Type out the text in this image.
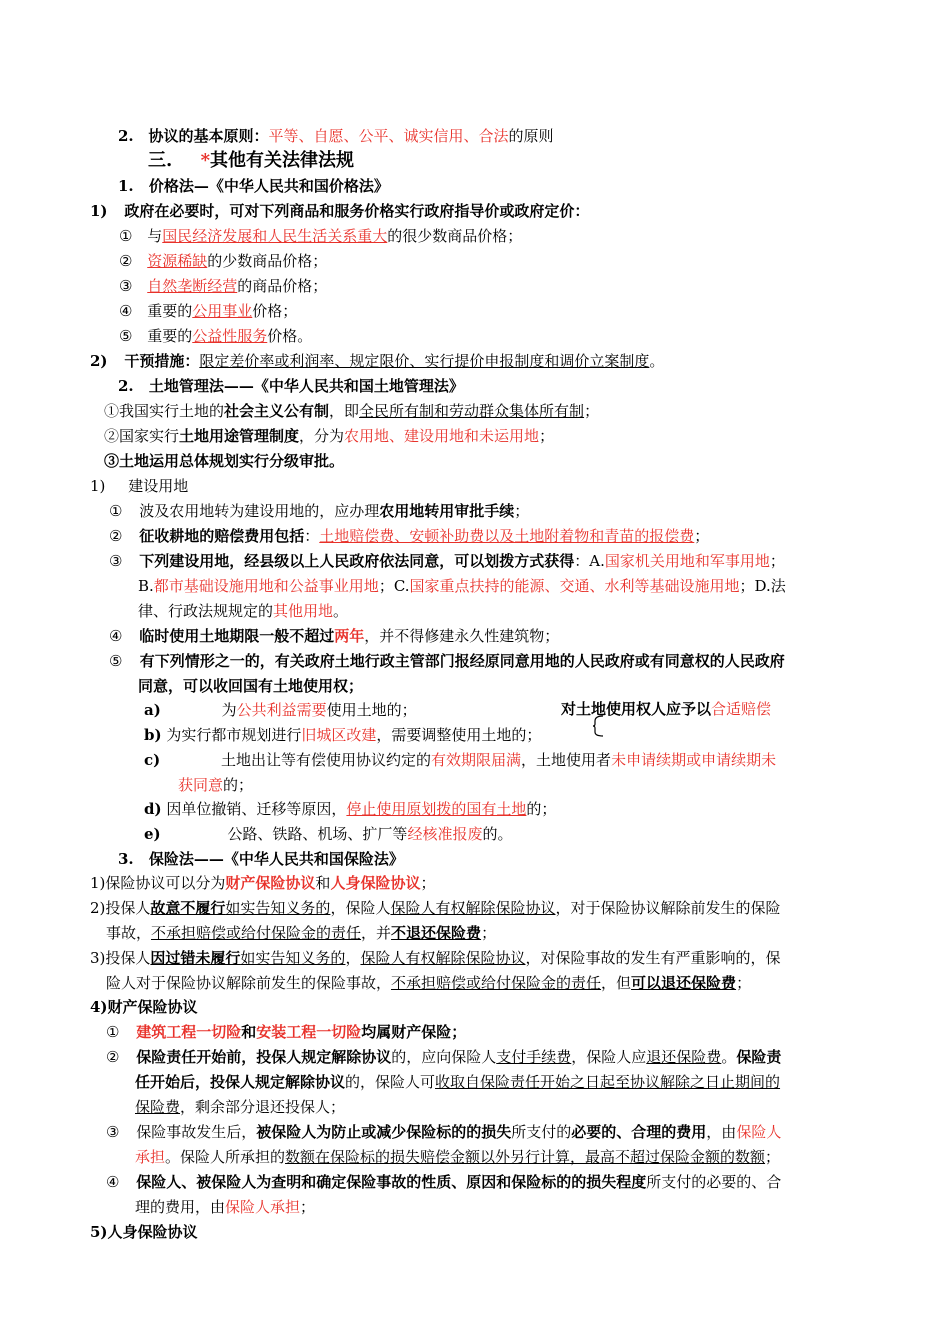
2. 协议的基本原则：平等、自愿、公平、诚实信用、合法的原则
三. *其他有关法律法规
1. 价格法—《中华人民共和国价格法》
1) 政府在必要时，可对下列商品和服务价格实行政府指导价或政府定价：
① 与国民经济发展和人民生活关系重大的很少数商品价格；
② 资源稀缺的少数商品价格；
③ 自然垄断经营的商品价格；
④ 重要的公用事业价格；
⑤ 重要的公益性服务价格。
2) 干预措施：限定差价率或利润率、规定限价、实行提价申报制度和调价立案制度。
2. 土地管理法——《中华人民共和国土地管理法》
①我国实行土地的社会主义公有制，即全民所有制和劳动群众集体所有制；
②国家实行土地用途管理制度，分为农用地、建设用地和未运用地；
③土地运用总体规划实行分级审批。
1) 建设用地
① 波及农用地转为建设用地的，应办理农用地转用审批手续；
② 征收耕地的赔偿费用包括：土地赔偿费、安顿补助费以及土地附着物和青苗的报偿费；
③ 下列建设用地，经县级以上人民政府依法同意，可以划拨方式获得：A.国家机关用地和军事用地；
B.都市基础设施用地和公益事业用地；C.国家重点扶持的能源、交通、水利等基础设施用地；D.法
律、行政法规规定的其他用地。
④ 临时使用土地期限一般不超过两年，并不得修建永久性建筑物；
⑤ 有下列情形之一的，有关政府土地行政主管部门报经原同意用地的人民政府或有同意权的人民政府
同意，可以收回国有土地使用权；
a)	为公共利益需要使用土地的；	对土地使用权人应予以合适赔偿
b) 为实行都市规划进行旧城区改建，需要调整使用土地的；
c)	土地出让等有偿使用协议约定的有效期限届满，土地使用者未申请续期或申请续期未
获同意的；
d) 因单位撤销、迁移等原因，停止使用原划拨的国有土地的；
e)	公路、铁路、机场、扩厂等经核准报废的。
3. 保险法——《中华人民共和国保险法》
1)保险协议可以分为财产保险协议和人身保险协议；
2)投保人故意不履行如实告知义务的，保险人保险人有权解除保险协议，对于保险协议解除前发生的保险
事故，不承担赔偿或给付保险金的责任，并不退还保险费；
3)投保人因过错未履行如实告知义务的，保险人有权解除保险协议，对保险事故的发生有严重影响的，保
险人对于保险协议解除前发生的保险事故，不承担赔偿或给付保险金的责任，但可以退还保险费；
4)财产保险协议
① 建筑工程一切险和安装工程一切险均属财产保险；
② 保险责任开始前，投保人规定解除协议的，应向保险人支付手续费，保险人应退还保险费。保险责
任开始后，投保人规定解除协议的，保险人可收取自保险责任开始之日起至协议解除之日止期间的
保险费，剩余部分退还投保人；
③ 保险事故发生后，被保险人为防止或减少保险标的的损失所支付的必要的、合理的费用，由保险人
承担。保险人所承担的数额在保险标的损失赔偿金额以外另行计算，最高不超过保险金额的数额；
④ 保险人、被保险人为查明和确定保险事故的性质、原因和保险标的的损失程度所支付的必要的、合
理的费用，由保险人承担；
5)人身保险协议
